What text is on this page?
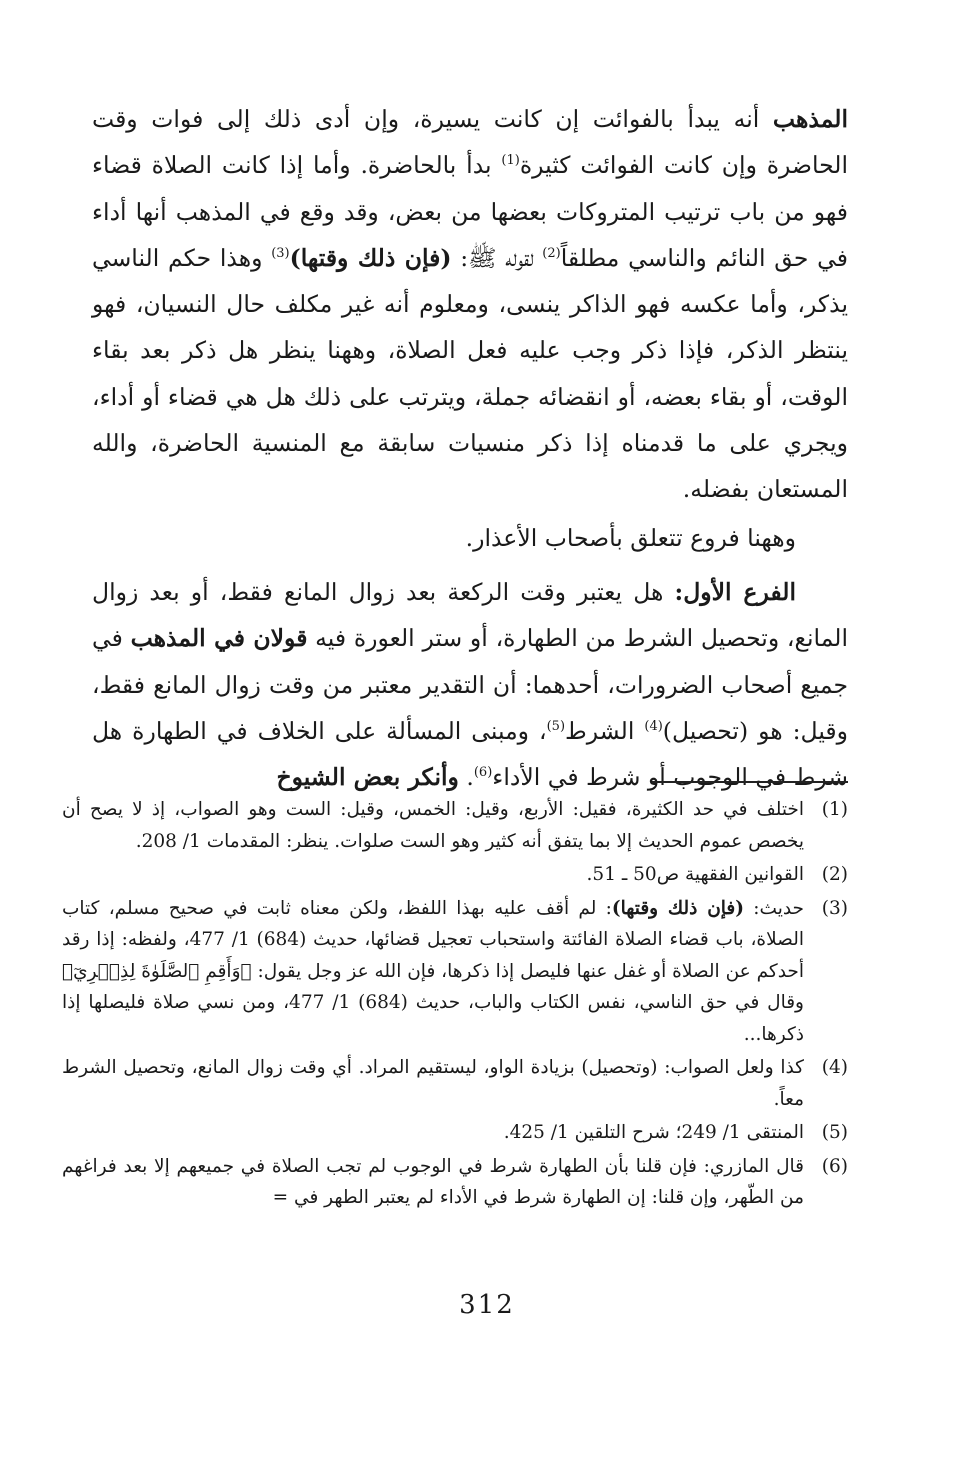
المذهب أنه يبدأ بالفوائت إن كانت يسيرة، وإن أدى ذلك إلى فوات وقت الحاضرة وإن كانت الفوائت كثيرة$^{(1)}$ بدأ بالحاضرة. وأما إذا كانت الصلاة قضاء فهو من باب ترتيب المتروكات بعضها من بعض، وقد وقع في المذهب أنها أداء في حق النائم والناسي مطلقاً$^{(2)}$ لقوله ﷺ: (فإن ذلك وقتها)$^{(3)}$ وهذا حكم الناسي يذكر، وأما عكسه فهو الذاكر ينسى، ومعلوم أنه غير مكلف حال النسيان، فهو ينتظر الذكر، فإذا ذكر وجب عليه فعل الصلاة، وههنا ينظر هل ذكر بعد بقاء الوقت، أو بقاء بعضه، أو انقضائه جملة، ويترتب على ذلك هل هي قضاء أو أداء، ويجري على ما قدمناه إذا ذكر منسيات سابقة مع المنسية الحاضرة، والله المستعان بفضله.

وههنا فروع تتعلق بأصحاب الأعذار.

الفرع الأول: هل يعتبر وقت الركعة بعد زوال المانع فقط، أو بعد زوال المانع، وتحصيل الشرط من الطهارة، أو ستر العورة فيه قولان في المذهب في جميع أصحاب الضرورات، أحدهما: أن التقدير معتبر من وقت زوال المانع فقط، وقيل: هو (تحصيل)$^{(4)}$ الشرط$^{(5)}$، ومبنى المسألة على الخلاف في الطهارة هل شرط في الوجوب أو شرط في الأداء$^{(6)}$. وأنكر بعض الشيوخ

(1)
اختلف في حد الكثيرة، فقيل: الأربع، وقيل: الخمس، وقيل: الست وهو الصواب، إذ لا يصح أن يخصص عموم الحديث إلا بما يتفق أنه كثير وهو الست صلوات. ينظر: المقدمات 1/ 208.
(2)
القوانين الفقهية ص50 ـ 51.
(3)
حديث: (فإن ذلك وقتها): لم أقف عليه بهذا اللفظ، ولكن معناه ثابت في صحيح مسلم، كتاب الصلاة، باب قضاء الصلاة الفائتة واستحباب تعجيل قضائها، حديث (684) 1/ 477، ولفظه: إذا رقد أحدكم عن الصلاة أو غفل عنها فليصل إذا ذكرها، فإن الله عز وجل يقول: ﴿وَأَقِمِ ٱلصَّلَوٰةَ لِذِكۡرِيٓ﴾ وقال في حق الناسي، نفس الكتاب والباب، حديث (684) 1/ 477، ومن نسي صلاة فليصلها إذا ذكرها...
(4)
كذا ولعل الصواب: (وتحصيل) بزيادة الواو، ليستقيم المراد. أي وقت زوال المانع، وتحصيل الشرط معاً.
(5)
المنتقى 1/ 249؛ شرح التلقين 1/ 425.
(6)
قال المازري: فإن قلنا بأن الطهارة شرط في الوجوب لم تجب الصلاة في جميعهم إلا بعد فراغهم من الطّهر، وإن قلنا: إن الطهارة شرط في الأداء لم يعتبر الطهر في =
312
